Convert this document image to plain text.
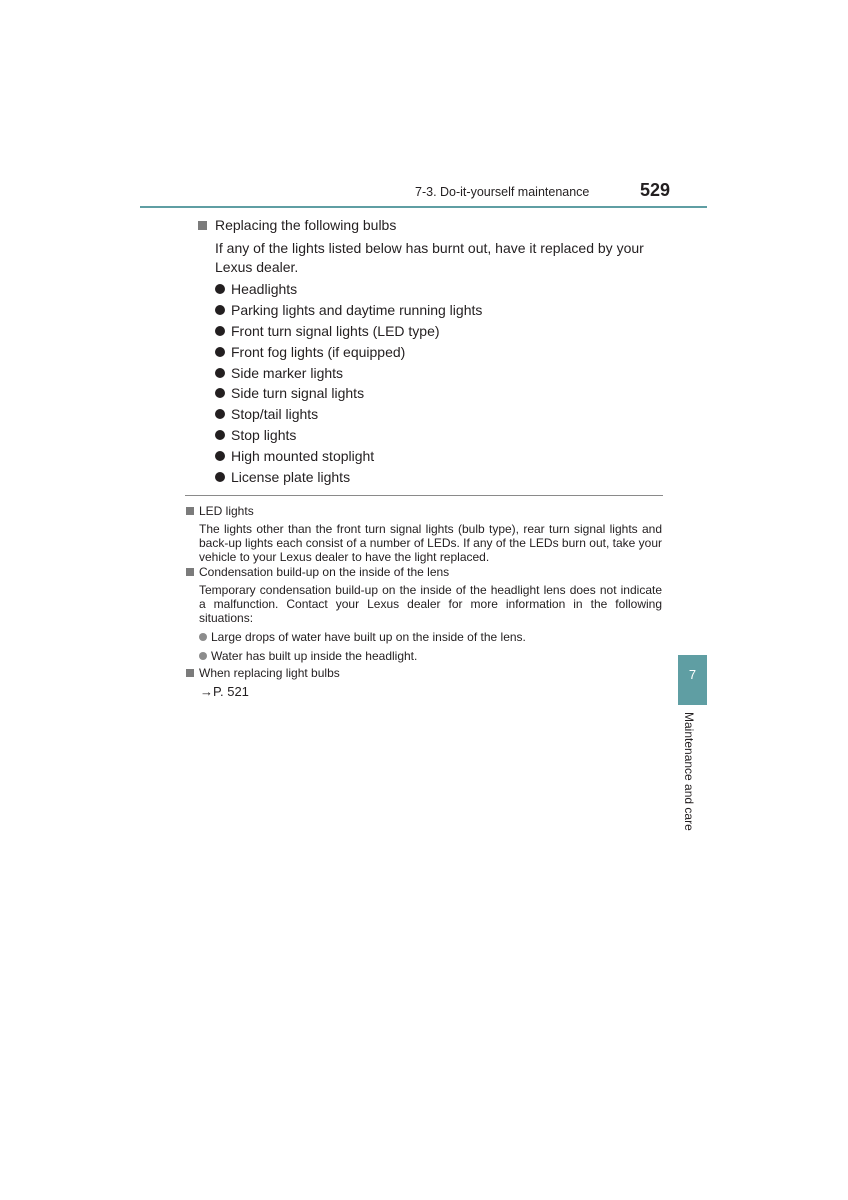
7-3. Do-it-yourself maintenance	529
Replacing the following bulbs
If any of the lights listed below has burnt out, have it replaced by your Lexus dealer.
Headlights
Parking lights and daytime running lights
Front turn signal lights (LED type)
Front fog lights (if equipped)
Side marker lights
Side turn signal lights
Stop/tail lights
Stop lights
High mounted stoplight
License plate lights
LED lights
The lights other than the front turn signal lights (bulb type), rear turn signal lights and back-up lights each consist of a number of LEDs. If any of the LEDs burn out, take your vehicle to your Lexus dealer to have the light replaced.
Condensation build-up on the inside of the lens
Temporary condensation build-up on the inside of the headlight lens does not indicate a malfunction. Contact your Lexus dealer for more information in the following situations:
Large drops of water have built up on the inside of the lens.
Water has built up inside the headlight.
When replacing light bulbs
→P. 521
7
Maintenance and care
